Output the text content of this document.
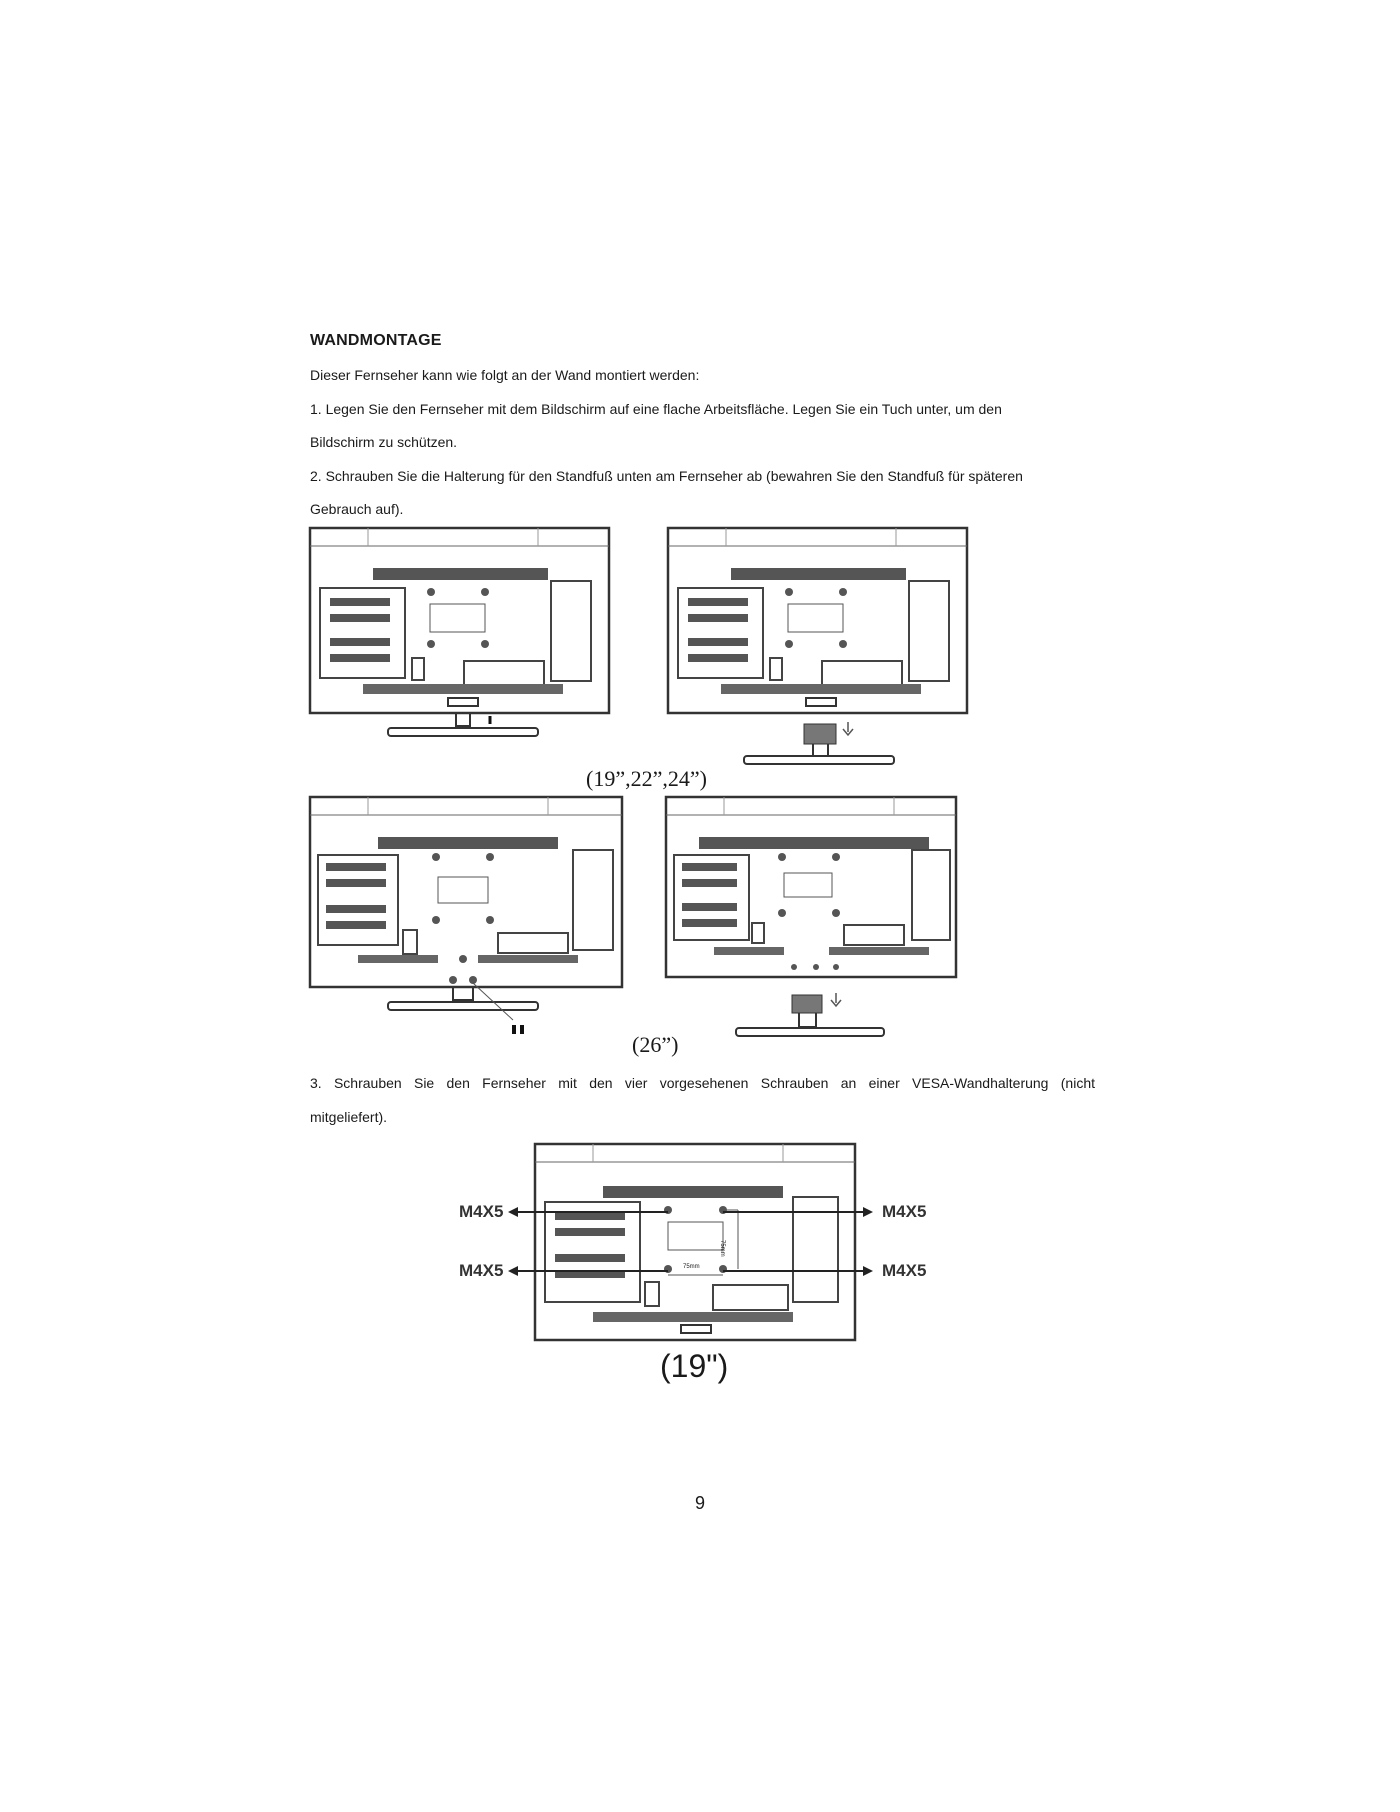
WANDMONTAGE
Dieser Fernseher kann wie folgt an der Wand montiert werden:
1. Legen Sie den Fernseher mit dem Bildschirm auf eine flache Arbeitsfläche. Legen Sie ein Tuch unter, um den
Bildschirm zu schützen.
2. Schrauben Sie die Halterung für den Standfuß unten am Fernseher ab (bewahren Sie den Standfuß für späteren
Gebrauch auf).
(19”,22”,24”)
(26”)
3. Schrauben Sie den Fernseher mit den vier vorgesehenen Schrauben an einer VESA-Wandhalterung (nicht
mitgeliefert).
M4X5	M4X5
M4X5	M4X5
75mm
75mm
(19")
9
